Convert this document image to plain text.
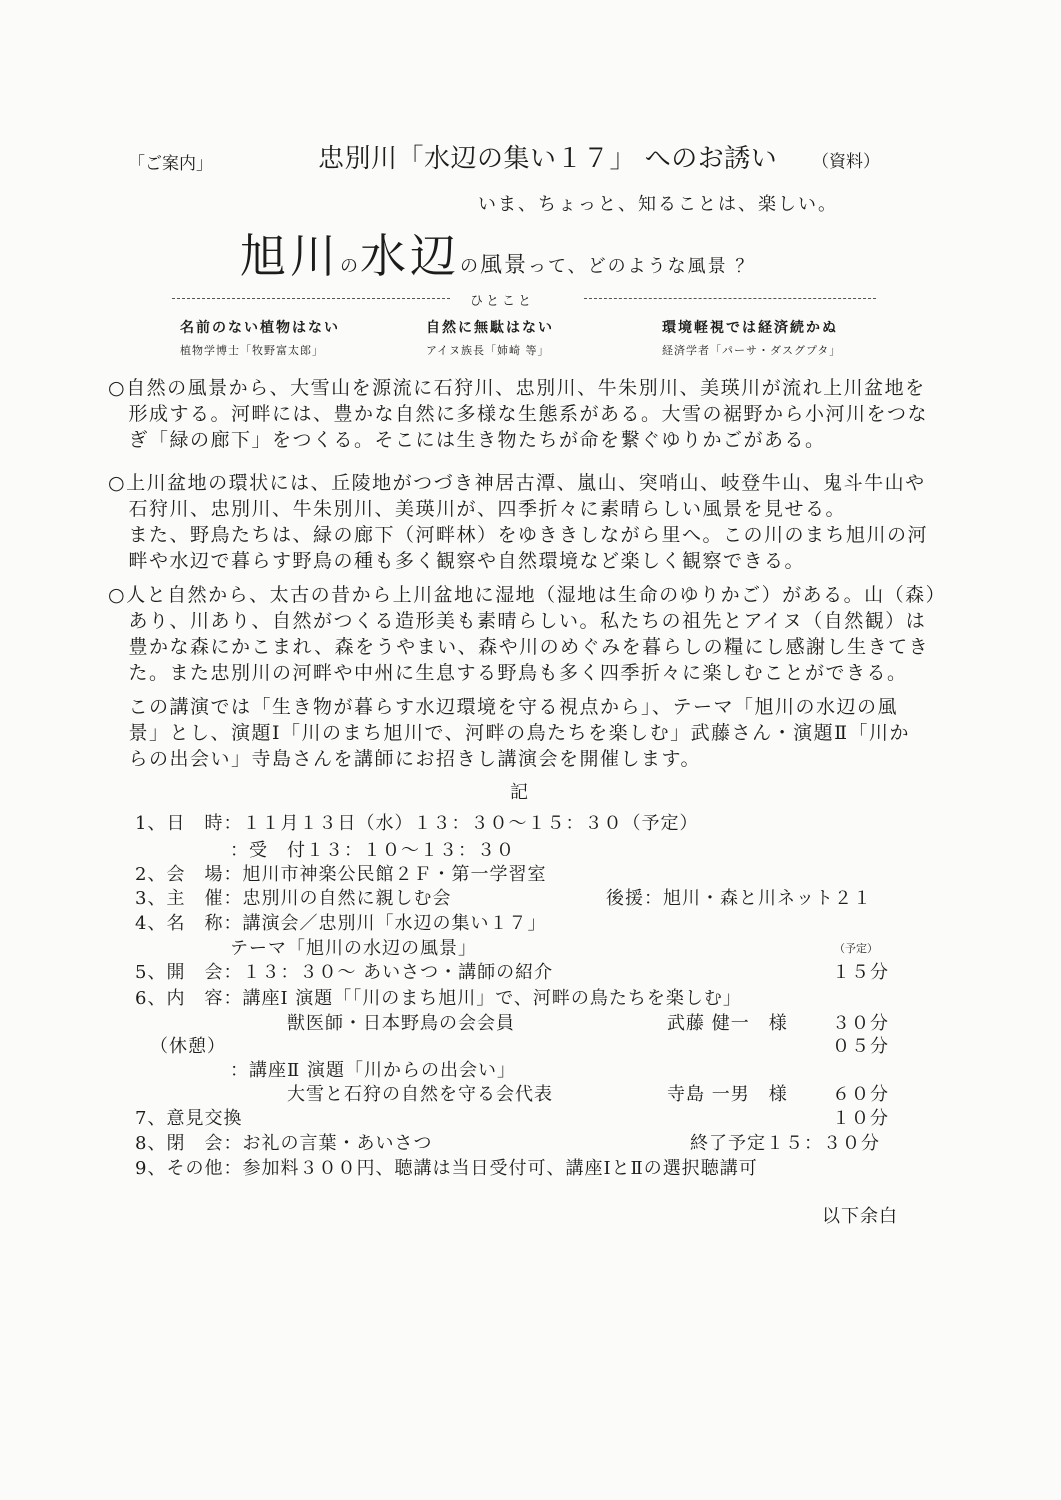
「ご案内」	忠別川「水辺の集い１７」 へのお誘い （資料）
いま、ちょっと、知ることは、楽しい。
旭川の水辺の風景って、どのような風景 ？
ひとこと
名前のない植物はない
植物学博士「牧野富太郎」
自然に無駄はない
アイヌ族長「姉崎 等」
環境軽視では経済続かぬ
経済学者「パーサ・ダスグプタ」

○自然の風景から、大雪山を源流に石狩川、忠別川、牛朱別川、美瑛川が流れ上川盆地を

　形成する。河畔には、豊かな自然に多様な生態系がある。大雪の裾野から小河川をつな

　ぎ「緑の廊下」をつくる。そこには生き物たちが命を繋ぐゆりかごがある。

○上川盆地の環状には、丘陵地がつづき神居古潭、嵐山、突哨山、岐登牛山、鬼斗牛山や

　石狩川、忠別川、牛朱別川、美瑛川が、四季折々に素晴らしい風景を見せる。

　また、野鳥たちは、緑の廊下（河畔林）をゆききしながら里へ。この川のまち旭川の河

　畔や水辺で暮らす野鳥の種も多く観察や自然環境など楽しく観察できる。

○人と自然から、太古の昔から上川盆地に湿地（湿地は生命のゆりかご）がある。山（森）

　あり、川あり、自然がつくる造形美も素晴らしい。私たちの祖先とアイヌ（自然観）は

　豊かな森にかこまれ、森をうやまい、森や川のめぐみを暮らしの糧にし感謝し生きてき

　た。また忠別川の河畔や中州に生息する野鳥も多く四季折々に楽しむことができる。

　この講演では「生き物が暮らす水辺環境を守る視点から」、テーマ「旭川の水辺の風

　景」とし、演題Ⅰ「川のまち旭川で、河畔の鳥たちを楽しむ」武藤さん・演題Ⅱ「川か

　らの出会い」寺島さんを講師にお招きし講演会を開催します。

記
1、日　時：１１月１３日（水）１３：３０～１５：３０（予定）
　　　　　：受　付１３：１０～１３：３０
2、会　場：旭川市神楽公民館２Ｆ・第一学習室
3、主　催：忠別川の自然に親しむ会	後援：旭川・森と川ネット２１
4、名　称：講演会／忠別川「水辺の集い１７」
　　　　　テーマ「旭川の水辺の風景」	（予定）
5、開　会：１３：３０～ あいさつ・講師の紹介	１５分
6、内　容：講座Ⅰ 演題「「川のまち旭川」で、河畔の鳥たちを楽しむ」
　　　　　　　　獣医師・日本野鳥の会会員	武藤 健一　様 ３０分
（休憩）	０５分
　　　　　：講座Ⅱ 演題「川からの出会い」
　　　　　　　　大雪と石狩の自然を守る会代表	寺島 一男　様 ６０分
7、意見交換	１０分
8、閉　会：お礼の言葉・あいさつ	終了予定１５：３０分
9、その他：参加料３００円、聴講は当日受付可、講座ⅠとⅡの選択聴講可
以下余白
